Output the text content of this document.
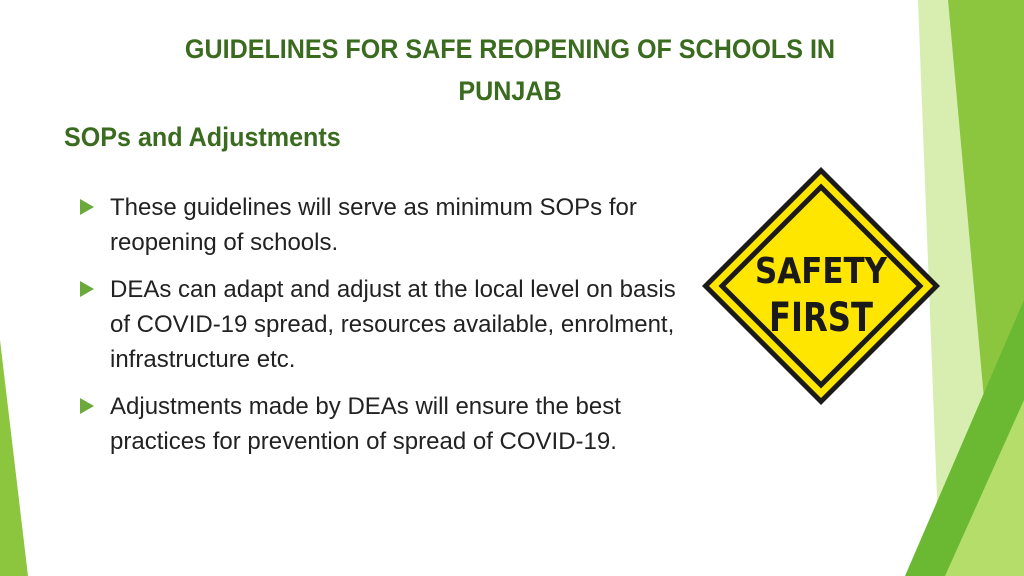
GUIDELINES FOR SAFE REOPENING OF SCHOOLS IN PUNJAB
SOPs and Adjustments
These guidelines will serve as minimum SOPs for reopening of schools.
DEAs can adapt and adjust at the local level on basis of COVID-19 spread, resources available, enrolment, infrastructure etc.
Adjustments made by DEAs will ensure the best practices for prevention of spread of COVID-19.
SAFETY
FIRST
